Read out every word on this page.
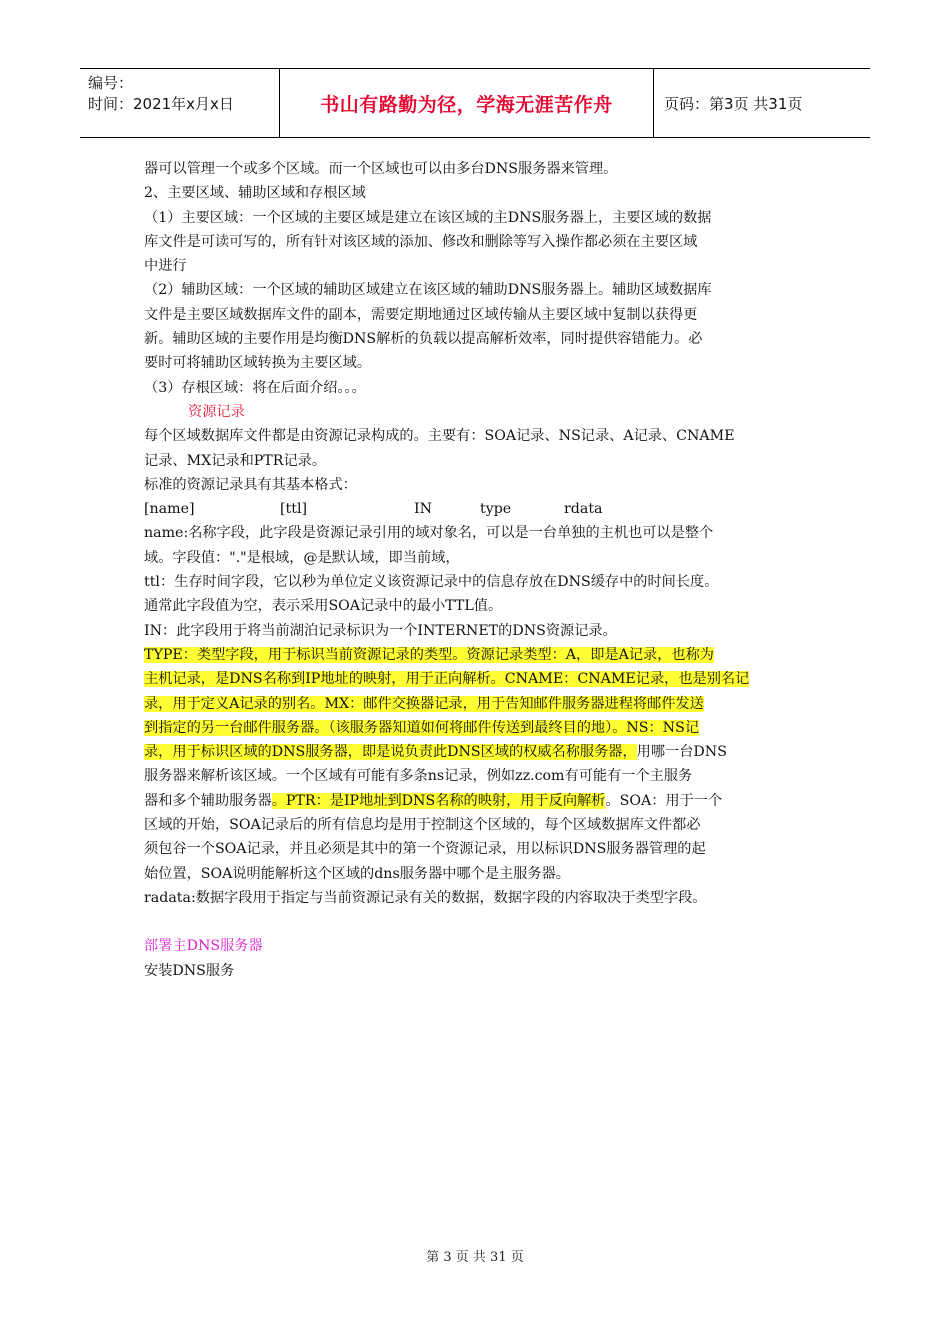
编号：
时间：2021年x月x日	书山有路勤为径，学海无涯苦作舟	页码：第3页 共31页

器可以管理一个或多个区域。而一个区域也可以由多台DNS服务器来管理。

2、主要区域、辅助区域和存根区域

（1）主要区域：一个区域的主要区域是建立在该区域的主DNS服务器上，主要区域的数据

库文件是可读可写的，所有针对该区域的添加、修改和删除等写入操作都必须在主要区域

中进行

（2）辅助区域：一个区域的辅助区域建立在该区域的辅助DNS服务器上。辅助区域数据库

文件是主要区域数据库文件的副本，需要定期地通过区域传输从主要区域中复制以获得更

新。辅助区域的主要作用是均衡DNS解析的负载以提高解析效率，同时提供容错能力。必

要时可将辅助区域转换为主要区域。

（3）存根区域：将在后面介绍。。。

资源记录

每个区域数据库文件都是由资源记录构成的。主要有：SOA记录、NS记录、A记录、CNAME

记录、MX记录和PTR记录。

标准的资源记录具有其基本格式：

[name]	[ttl]	IN	type	rdata

name:名称字段，此字段是资源记录引用的域对象名，可以是一台单独的主机也可以是整个

域。字段值："."是根域，@是默认域，即当前域，

ttl：生存时间字段，它以秒为单位定义该资源记录中的信息存放在DNS缓存中的时间长度。

通常此字段值为空，表示采用SOA记录中的最小TTL值。

IN：此字段用于将当前湖泊记录标识为一个INTERNET的DNS资源记录。

TYPE：类型字段，用于标识当前资源记录的类型。资源记录类型：A，即是A记录，也称为

主机记录，是DNS名称到IP地址的映射，用于正向解析。CNAME：CNAME记录，也是别名记

录，用于定义A记录的别名。MX：邮件交换器记录，用于告知邮件服务器进程将邮件发送

到指定的另一台邮件服务器。（该服务器知道如何将邮件传送到最终目的地）。NS：NS记

录，用于标识区域的DNS服务器，即是说负责此DNS区域的权威名称服务器，用哪一台DNS

服务器来解析该区域。一个区域有可能有多条ns记录，例如zz.com有可能有一个主服务

器和多个辅助服务器。PTR：是IP地址到DNS名称的映射，用于反向解析。SOA：用于一个

区域的开始，SOA记录后的所有信息均是用于控制这个区域的，每个区域数据库文件都必

须包谷一个SOA记录，并且必须是其中的第一个资源记录，用以标识DNS服务器管理的起

始位置，SOA说明能解析这个区域的dns服务器中哪个是主服务器。

radata:数据字段用于指定与当前资源记录有关的数据，数据字段的内容取决于类型字段。

部署主DNS服务器

安装DNS服务

第 3 页 共 31 页
